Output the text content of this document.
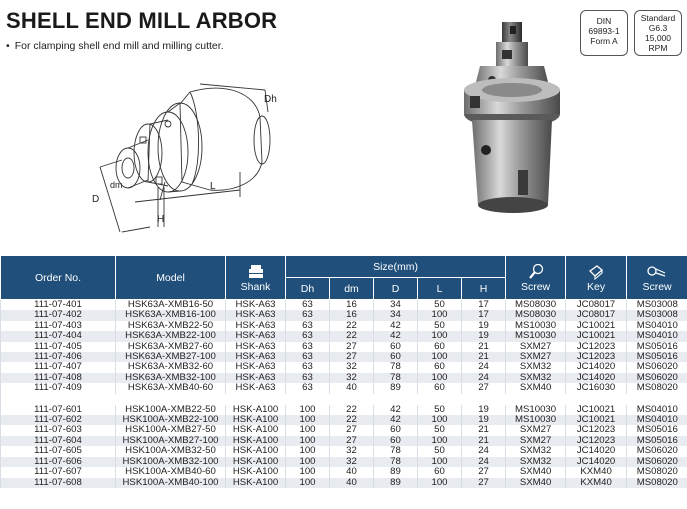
SHELL END MILL ARBOR
• For clamping shell end mill and milling cutter.
DIN
69893-1
Form A
Standard
G6.3
15,000
RPM
Dh
dm
D
L
H
Order No.	Model	Shank	Size(mm)					Screw	Key	Screw
			Dh	dm	D	L	H			
111-07-401	HSK63A-XMB16-50	HSK-A63	63	16	34	50	17	MS08030	JC08017	MS03008
111-07-402	HSK63A-XMB16-100	HSK-A63	63	16	34	100	17	MS08030	JC08017	MS03008
111-07-403	HSK63A-XMB22-50	HSK-A63	63	22	42	50	19	MS10030	JC10021	MS04010
111-07-404	HSK63A-XMB22-100	HSK-A63	63	22	42	100	19	MS10030	JC10021	MS04010
111-07-405	HSK63A-XMB27-60	HSK-A63	63	27	60	60	21	SXM27	JC12023	MS05016
111-07-406	HSK63A-XMB27-100	HSK-A63	63	27	60	100	21	SXM27	JC12023	MS05016
111-07-407	HSK63A-XMB32-60	HSK-A63	63	32	78	60	24	SXM32	JC14020	MS06020
111-07-408	HSK63A-XMB32-100	HSK-A63	63	32	78	100	24	SXM32	JC14020	MS06020
111-07-409	HSK63A-XMB40-60	HSK-A63	63	40	89	60	27	SXM40	JC16030	MS08020

111-07-601	HSK100A-XMB22-50	HSK-A100	100	22	42	50	19	MS10030	JC10021	MS04010
111-07-602	HSK100A-XMB22-100	HSK-A100	100	22	42	100	19	MS10030	JC10021	MS04010
111-07-603	HSK100A-XMB27-50	HSK-A100	100	27	60	50	21	SXM27	JC12023	MS05016
111-07-604	HSK100A-XMB27-100	HSK-A100	100	27	60	100	21	SXM27	JC12023	MS05016
111-07-605	HSK100A-XMB32-50	HSK-A100	100	32	78	50	24	SXM32	JC14020	MS06020
111-07-606	HSK100A-XMB32-100	HSK-A100	100	32	78	100	24	SXM32	JC14020	MS06020
111-07-607	HSK100A-XMB40-60	HSK-A100	100	40	89	60	27	SXM40	KXM40	MS08020
111-07-608	HSK100A-XMB40-100	HSK-A100	100	40	89	100	27	SXM40	KXM40	MS08020
